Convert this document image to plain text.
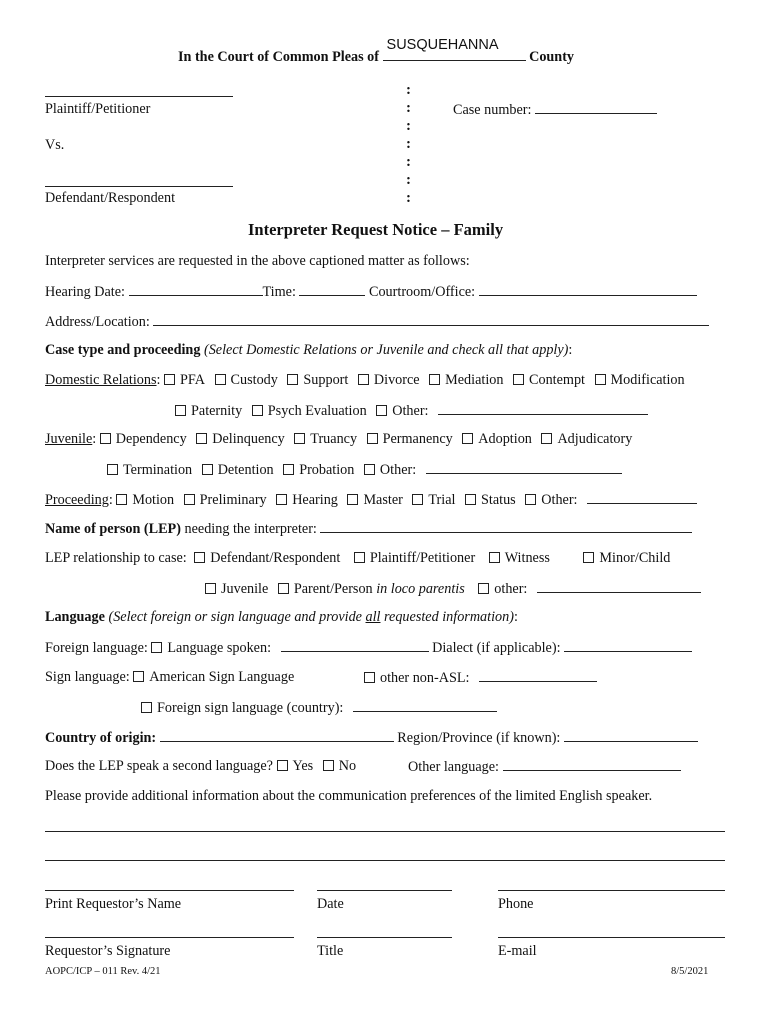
In the Court of Common Pleas of
SUSQUEHANNA
County
Plaintiff/Petitioner
Vs.
Defendant/Respondent
:
:
:
:
:
:
:
Case number:
Interpreter Request Notice – Family
Interpreter services are requested in the above captioned matter as follows:
Hearing Date:	Time:	Courtroom/Office:
Address/Location:
Case type and proceeding (Select Domestic Relations or Juvenile and check all that apply):
Domestic Relations: PFA Custody Support Divorce Mediation Contempt Modification
Paternity Psych Evaluation Other:
Juvenile: Dependency Delinquency Truancy Permanency Adoption Adjudicatory
Termination Detention Probation Other:
Proceeding: Motion Preliminary Hearing Master Trial Status Other:
Name of person (LEP) needing the interpreter:
LEP relationship to case: Defendant/Respondent Plaintiff/Petitioner Witness	Minor/Child
Juvenile Parent/Person in loco parentis other:
Language (Select foreign or sign language and provide all requested information):
Foreign language: Language spoken:	Dialect (if applicable):
Sign language: American Sign Language	other non-ASL:
Foreign sign language (country):
Country of origin:	Region/Province (if known):
Does the LEP speak a second language? Yes No	Other language:
Please provide additional information about the communication preferences of the limited English speaker.
Print Requestor’s Name	Date	Phone
Requestor’s Signature	Title	E-mail
AOPC/ICP – 011 Rev. 4/21	8/5/2021
